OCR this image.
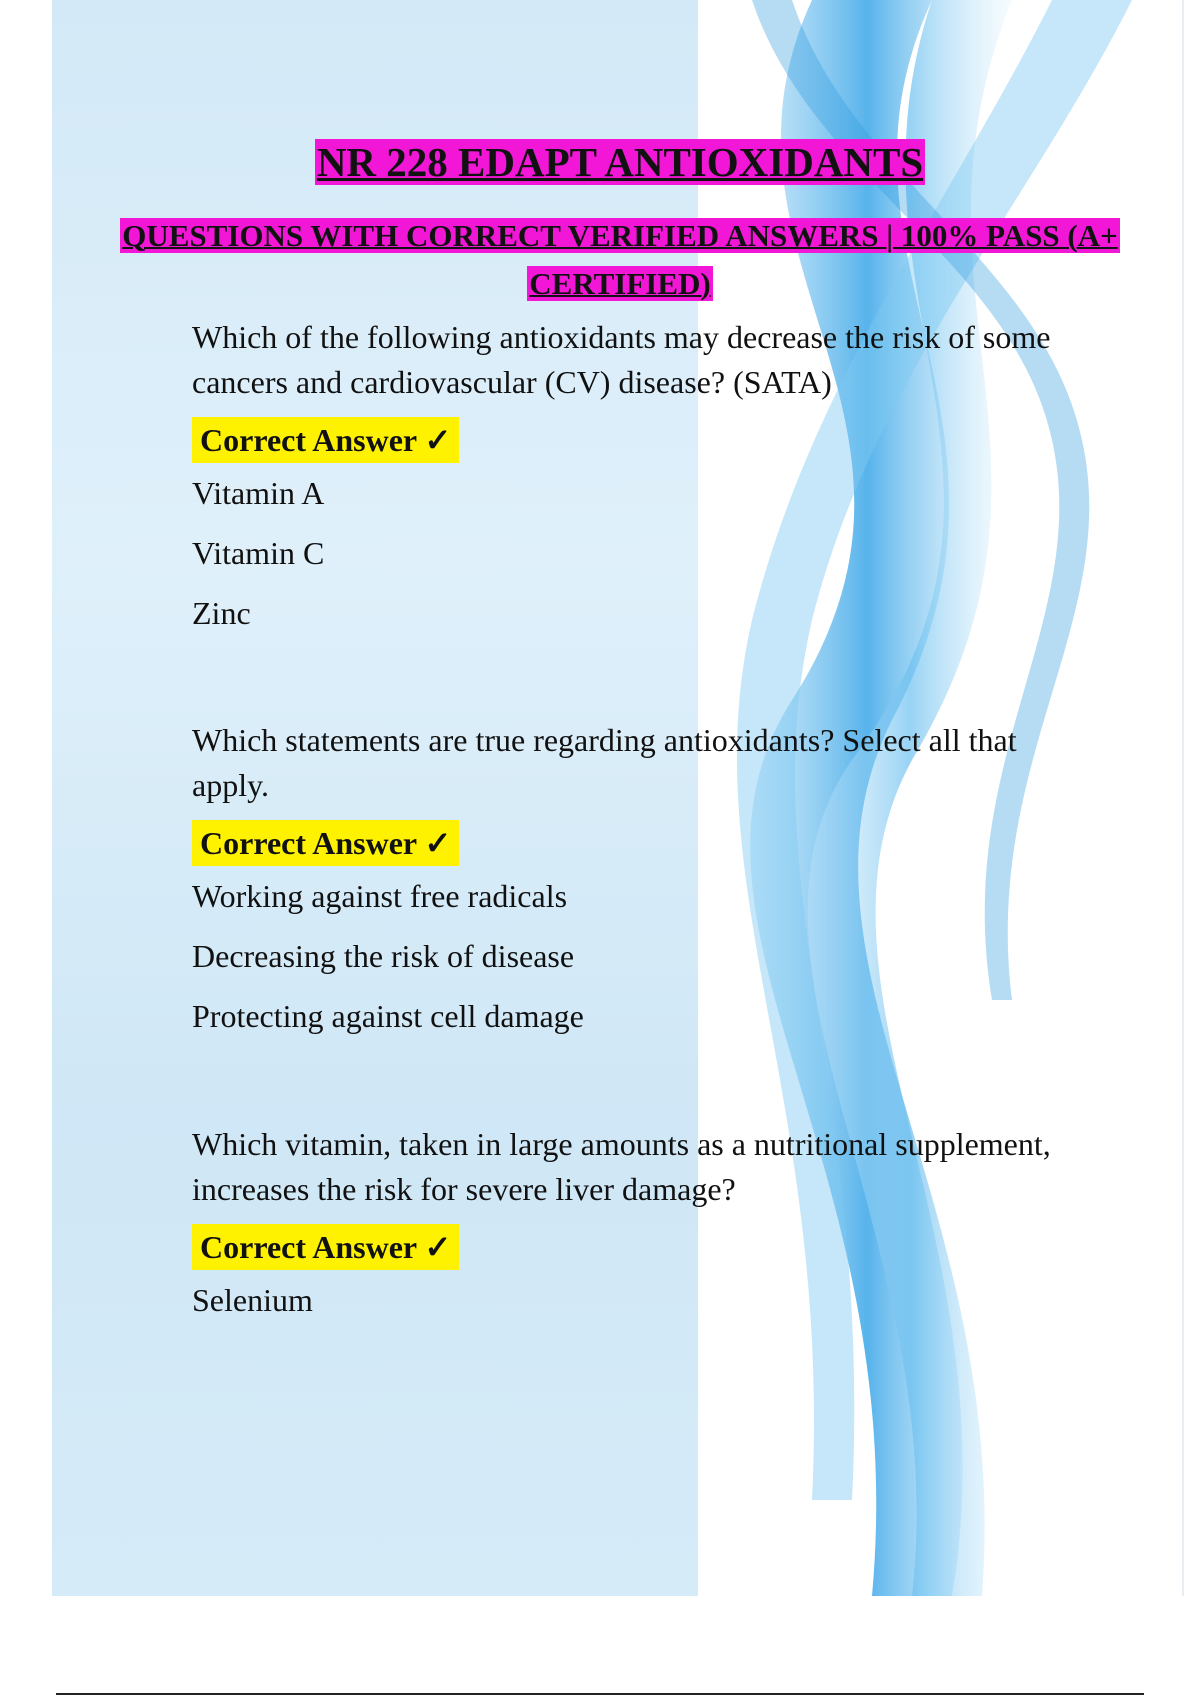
NR 228 EDAPT ANTIOXIDANTS

QUESTIONS WITH CORRECT VERIFIED ANSWERS | 100% PASS (A+ CERTIFIED)

Which of the following antioxidants may decrease the risk of some cancers and cardiovascular (CV) disease? (SATA)

Correct Answer ✓

Vitamin A

Vitamin C

Zinc

Which statements are true regarding antioxidants? Select all that apply.

Correct Answer ✓

Working against free radicals

Decreasing the risk of disease

Protecting against cell damage

Which vitamin, taken in large amounts as a nutritional supplement, increases the risk for severe liver damage?

Correct Answer ✓

Selenium
